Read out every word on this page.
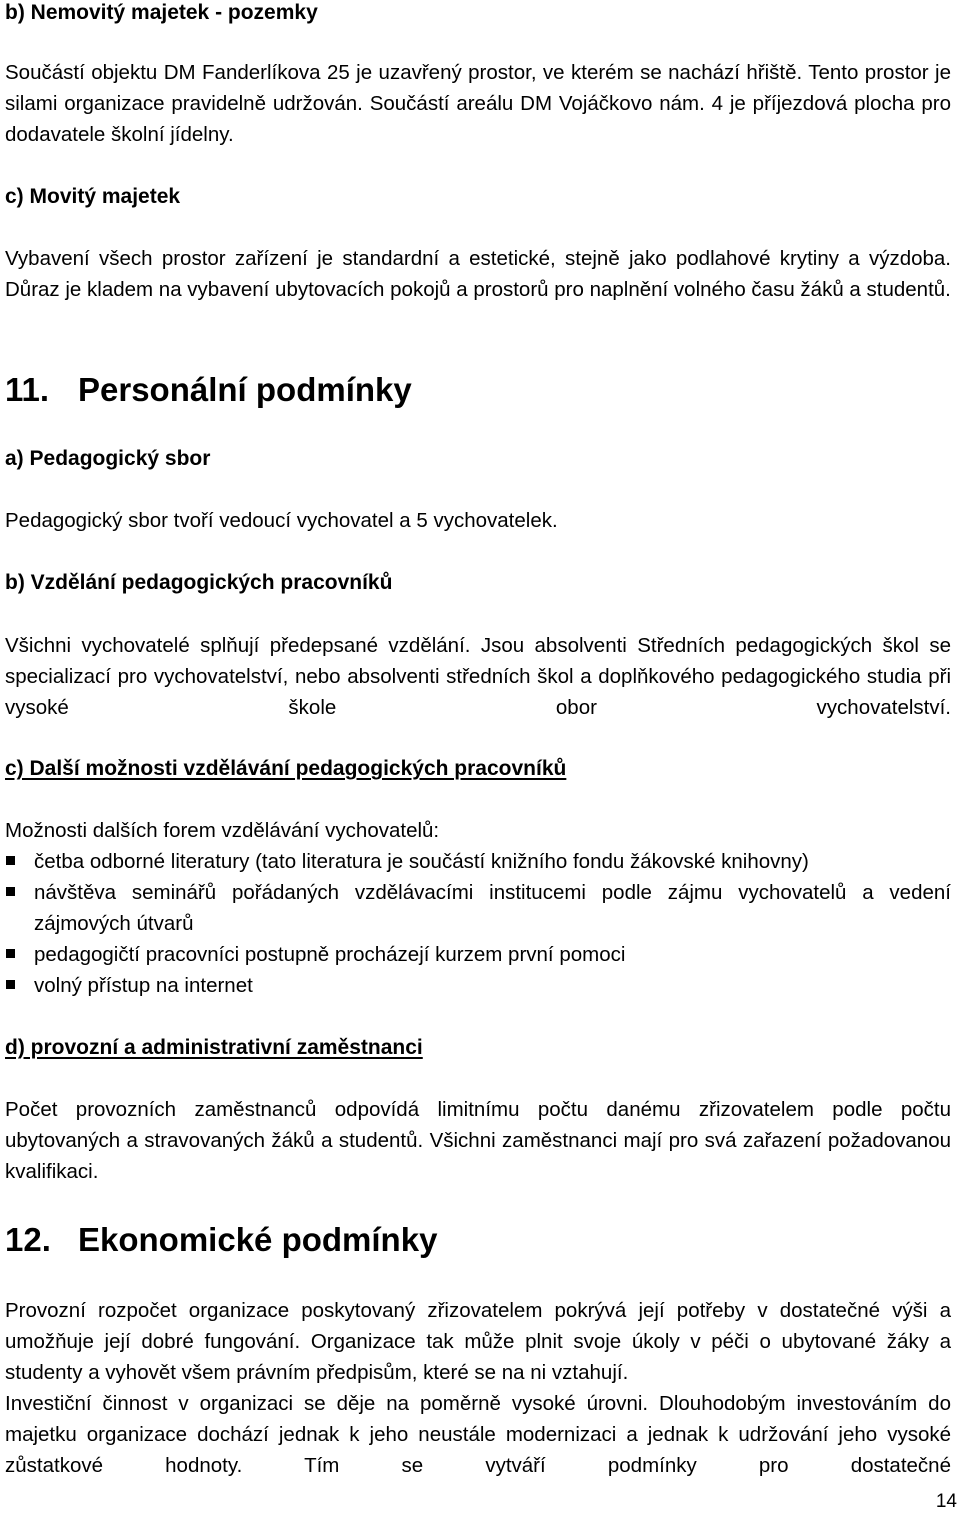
b) Nemovitý majetek - pozemky

Součástí objektu DM Fanderlíkova 25 je uzavřený prostor, ve kterém se nachází hřiště. Tento prostor je silami organizace pravidelně udržován. Součástí areálu DM Vojáčkovo nám. 4 je příjezdová plocha pro dodavatele školní jídelny.

c) Movitý majetek

Vybavení všech prostor zařízení je standardní a estetické, stejně jako podlahové krytiny a výzdoba. Důraz je kladem na vybavení ubytovacích pokojů a prostorů pro naplnění volného času žáků a studentů.

11. Personální podmínky
a) Pedagogický sbor

Pedagogický sbor tvoří vedoucí vychovatel a 5 vychovatelek.

b) Vzdělání pedagogických pracovníků

Všichni vychovatelé splňují předepsané vzdělání. Jsou absolventi Středních pedagogických škol se specializací pro vychovatelství, nebo absolventi středních škol a doplňkového pedagogického studia při vysoké škole obor vychovatelství.

c) Další možnosti vzdělávání pedagogických pracovníků

Možnosti dalších forem vzdělávání vychovatelů:

četba odborné literatury (tato literatura je součástí knižního fondu žákovské knihovny)
návštěva seminářů pořádaných vzdělávacími institucemi podle zájmu vychovatelů a vedení zájmových útvarů
pedagogičtí pracovníci postupně procházejí kurzem první pomoci
volný přístup na internet
d) provozní a administrativní zaměstnanci

Počet provozních zaměstnanců odpovídá limitnímu počtu danému zřizovatelem podle počtu ubytovaných a stravovaných žáků a studentů. Všichni zaměstnanci mají pro svá zařazení požadovanou kvalifikaci.

12. Ekonomické podmínky

Provozní rozpočet organizace poskytovaný zřizovatelem pokrývá její potřeby v dostatečné výši a umožňuje její dobré fungování. Organizace tak může plnit svoje úkoly v péči o ubytované žáky a studenty a vyhovět všem právním předpisům, které se na ni vztahují.

Investiční činnost v organizaci se děje na poměrně vysoké úrovni. Dlouhodobým investováním do majetku organizace dochází jednak k jeho neustále modernizaci a jednak k udržování jeho vysoké zůstatkové hodnoty. Tím se vytváří podmínky pro dostatečné

14
